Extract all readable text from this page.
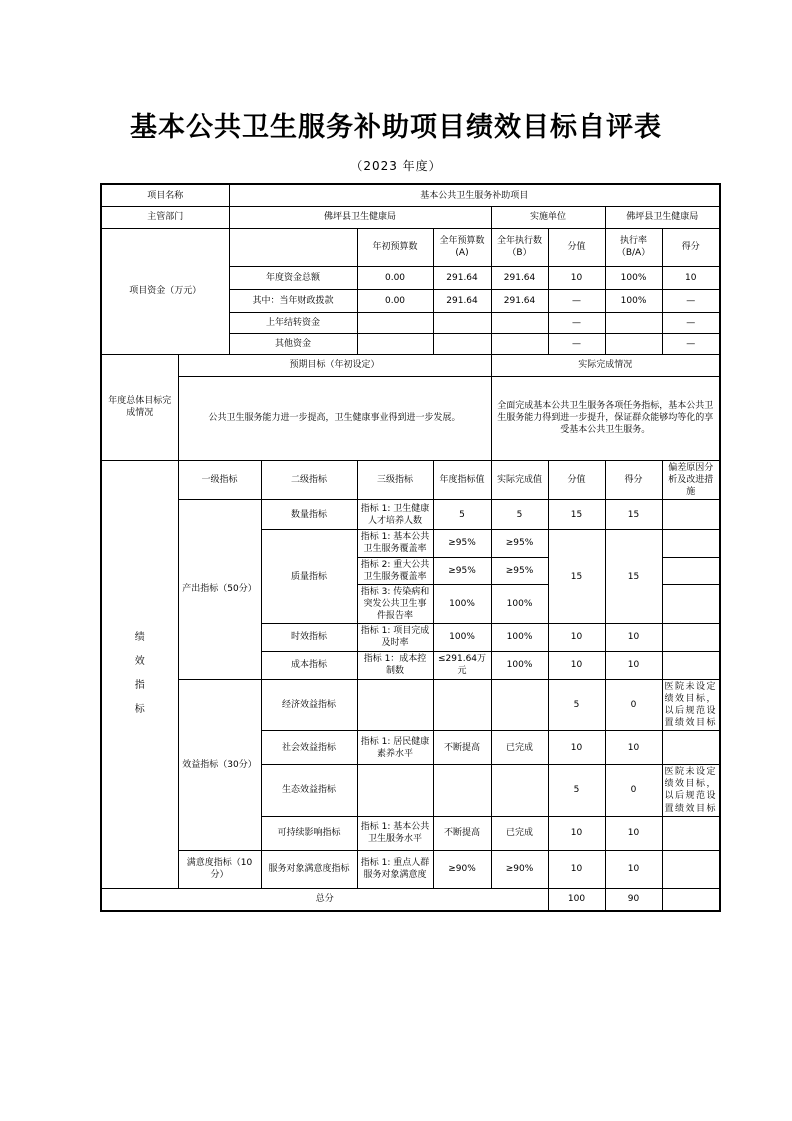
基本公共卫生服务补助项目绩效目标自评表
（2023 年度）
项目名称		基本公共卫生服务补助项目							
主管部门		佛坪县卫生健康局				实施单位		佛坪县卫生健康局	
项目资金（万元）				年初预算数	全年预算数(A)	全年执行数（B）	分值	执行率（B/A）	得分
		年度资金总额		0.00	291.64	291.64	10	100%	10
		其中：当年财政拨款		0.00	291.64	291.64	—	100%	—
		上年结转资金					—		—
		其他资金					—		—
年度总体目标完成情况	预期目标（年初设定）					实际完成情况			
	公共卫生服务能力进一步提高，卫生健康事业得到进一步发展。					全面完成基本公共卫生服务各项任务指标，基本公共卫生服务能力得到进一步提升，保证群众能够均等化的享受基本公共卫生服务。			

绩效指标	一级指标		二级指标	三级指标	年度指标值	实际完成值	分值	得分	偏差原因分析及改进措施
	产出指标（50分）		数量指标	指标 1: 卫生健康人才培养人数	5	5	15	15	
			质量指标	指标 1: 基本公共卫生服务覆盖率	≥95%	≥95%	15	15	
				指标 2: 重大公共卫生服务覆盖率	≥95%	≥95%			
				指标 3: 传染病和突发公共卫生事件报告率	100%	100%			
			时效指标	指标 1: 项目完成及时率	100%	100%	10	10	
			成本指标	指标 1：成本控制数	≤291.64万元	100%	10	10	
	效益指标（30分）		经济效益指标				5	0	医院未设定绩效目标，以后规范设置绩效目标
			社会效益指标	指标 1: 居民健康素养水平	不断提高	已完成	10	10	
			生态效益指标				5	0	医院未设定绩效目标，以后规范设置绩效目标
			可持续影响指标	指标 1: 基本公共卫生服务水平	不断提高	已完成	10	10	
	满意度指标（10分）		服务对象满意度指标	指标 1: 重点人群服务对象满意度	≥90%	≥90%	10	10	
总分							100	90	
